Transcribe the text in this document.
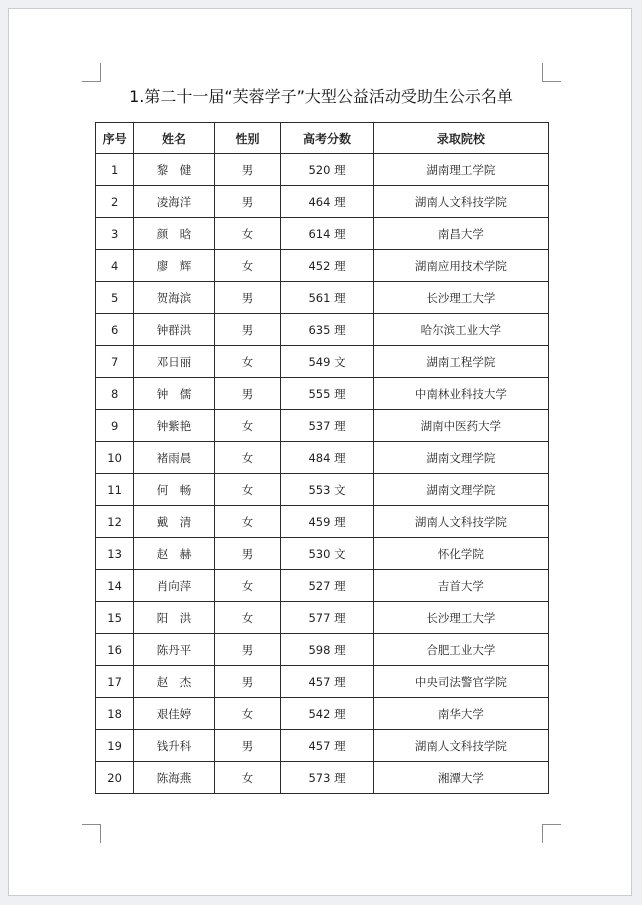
1.第二十一届“芙蓉学子”大型公益活动受助生公示名单
序号	姓名	性别	高考分数	录取院校
1	黎　健	男	520 理	湖南理工学院
2	凌海洋	男	464 理	湖南人文科技学院
3	颜　晗	女	614 理	南昌大学
4	廖　辉	女	452 理	湖南应用技术学院
5	贺海滨	男	561 理	长沙理工大学
6	钟群洪	男	635 理	哈尔滨工业大学
7	邓日丽	女	549 文	湖南工程学院
8	钟　儒	男	555 理	中南林业科技大学
9	钟紫艳	女	537 理	湖南中医药大学
10	褚雨晨	女	484 理	湖南文理学院
11	何　畅	女	553 文	湖南文理学院
12	戴　清	女	459 理	湖南人文科技学院
13	赵　赫	男	530 文	怀化学院
14	肖向萍	女	527 理	吉首大学
15	阳　洪	女	577 理	长沙理工大学
16	陈丹平	男	598 理	合肥工业大学
17	赵　杰	男	457 理	中央司法警官学院
18	艰佳婷	女	542 理	南华大学
19	钱升科	男	457 理	湖南人文科技学院
20	陈海燕	女	573 理	湘潭大学
